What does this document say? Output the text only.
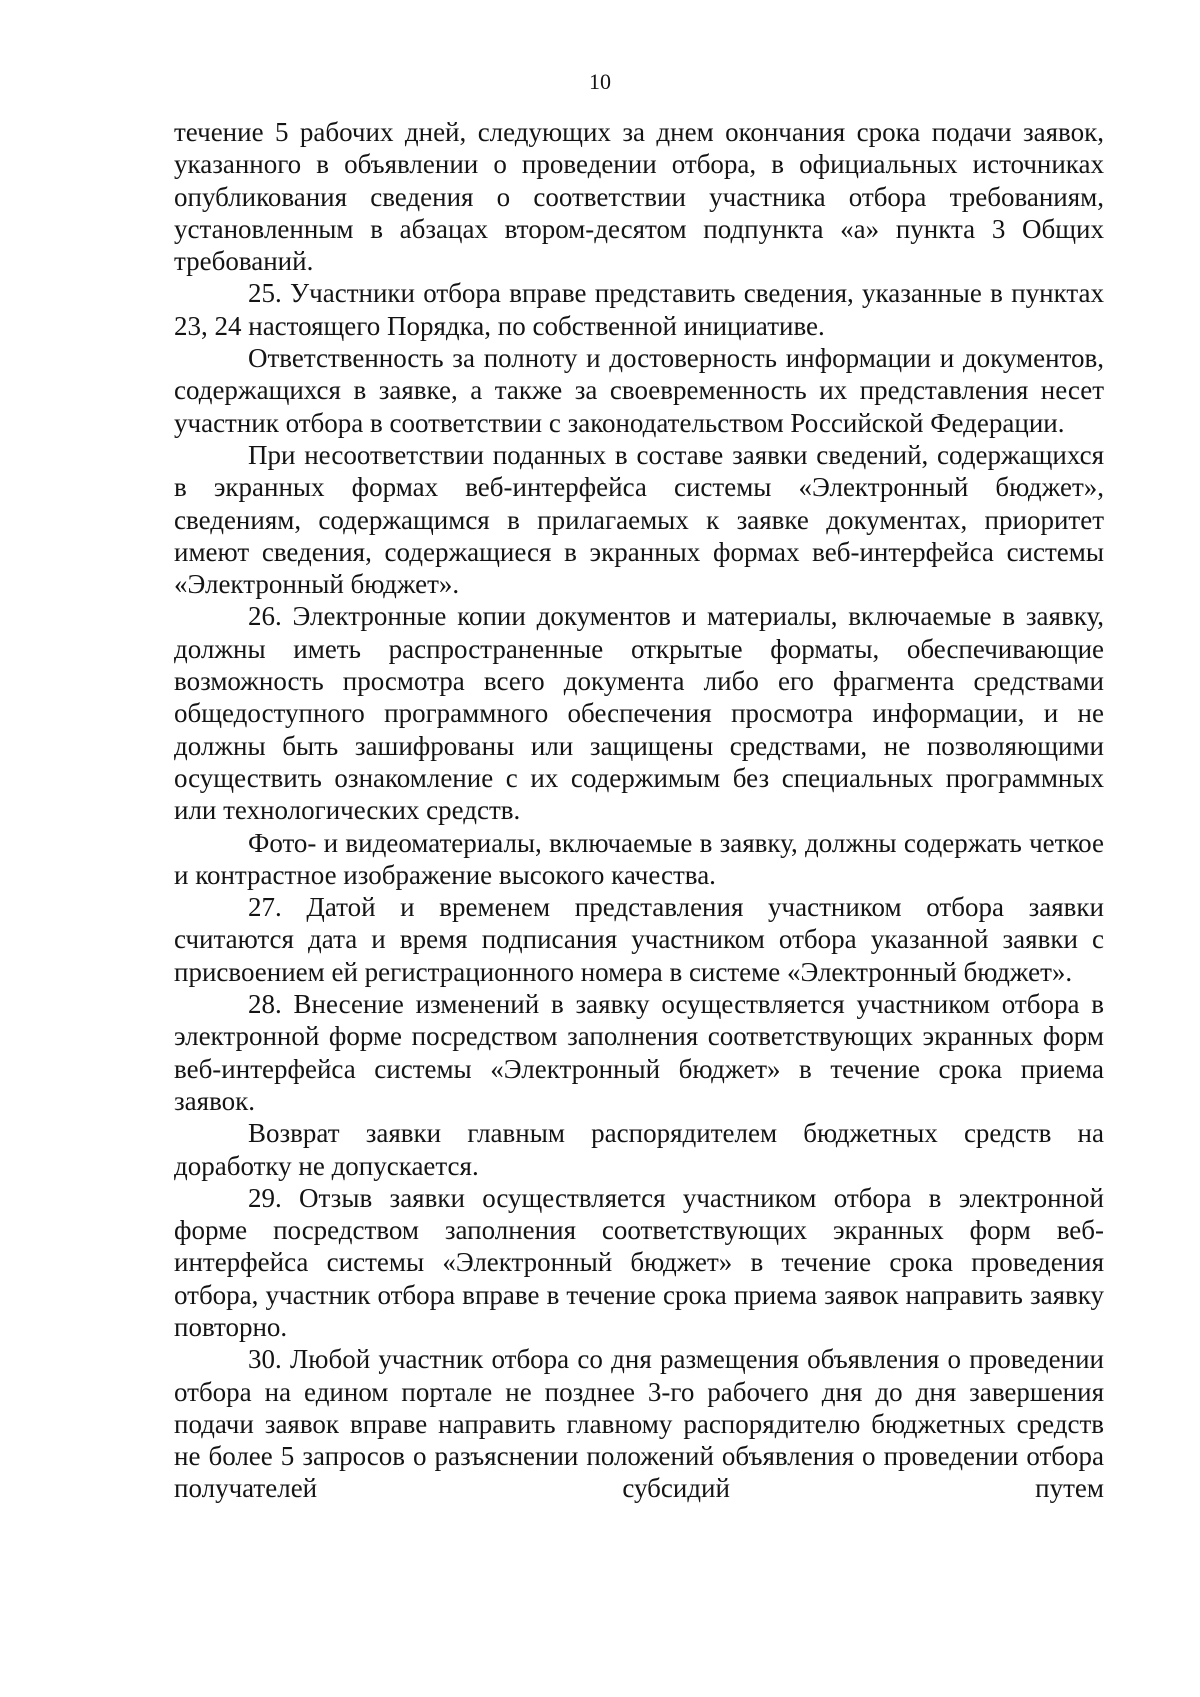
10

течение 5 рабочих дней, следующих за днем окончания срока подачи заявок, указанного в объявлении о проведении отбора, в официальных источниках опубликования сведения о соответствии участника отбора требованиям, установленным в абзацах втором-десятом подпункта «а» пункта 3 Общих требований.

25. Участники отбора вправе представить сведения, указанные в пунктах 23, 24 настоящего Порядка, по собственной инициативе.

Ответственность за полноту и достоверность информации и документов, содержащихся в заявке, а также за своевременность их представления несет участник отбора в соответствии с законодательством Российской Федерации.

При несоответствии поданных в составе заявки сведений, содержащихся в экранных формах веб-интерфейса системы «Электронный бюджет», сведениям, содержащимся в прилагаемых к заявке документах, приоритет имеют сведения, содержащиеся в экранных формах веб-интерфейса системы «Электронный бюджет».

26. Электронные копии документов и материалы, включаемые в заявку, должны иметь распространенные открытые форматы, обеспечивающие возможность просмотра всего документа либо его фрагмента средствами общедоступного программного обеспечения просмотра информации, и не должны быть зашифрованы или защищены средствами, не позволяющими осуществить ознакомление с их содержимым без специальных программных или технологических средств.

Фото- и видеоматериалы, включаемые в заявку, должны содержать четкое и контрастное изображение высокого качества.

27. Датой и временем представления участником отбора заявки считаются дата и время подписания участником отбора указанной заявки с присвоением ей регистрационного номера в системе «Электронный бюджет».

28. Внесение изменений в заявку осуществляется участником отбора в электронной форме посредством заполнения соответствующих экранных форм веб-интерфейса системы «Электронный бюджет» в течение срока приема заявок.

Возврат заявки главным распорядителем бюджетных средств на доработку не допускается.

29. Отзыв заявки осуществляется участником отбора в электронной форме посредством заполнения соответствующих экранных форм веб-интерфейса системы «Электронный бюджет» в течение срока проведения отбора, участник отбора вправе в течение срока приема заявок направить заявку повторно.

30. Любой участник отбора со дня размещения объявления о проведении отбора на едином портале не позднее 3-го рабочего дня до дня завершения подачи заявок вправе направить главному распорядителю бюджетных средств не более 5 запросов о разъяснении положений объявления о проведении отбора получателей субсидий путем
